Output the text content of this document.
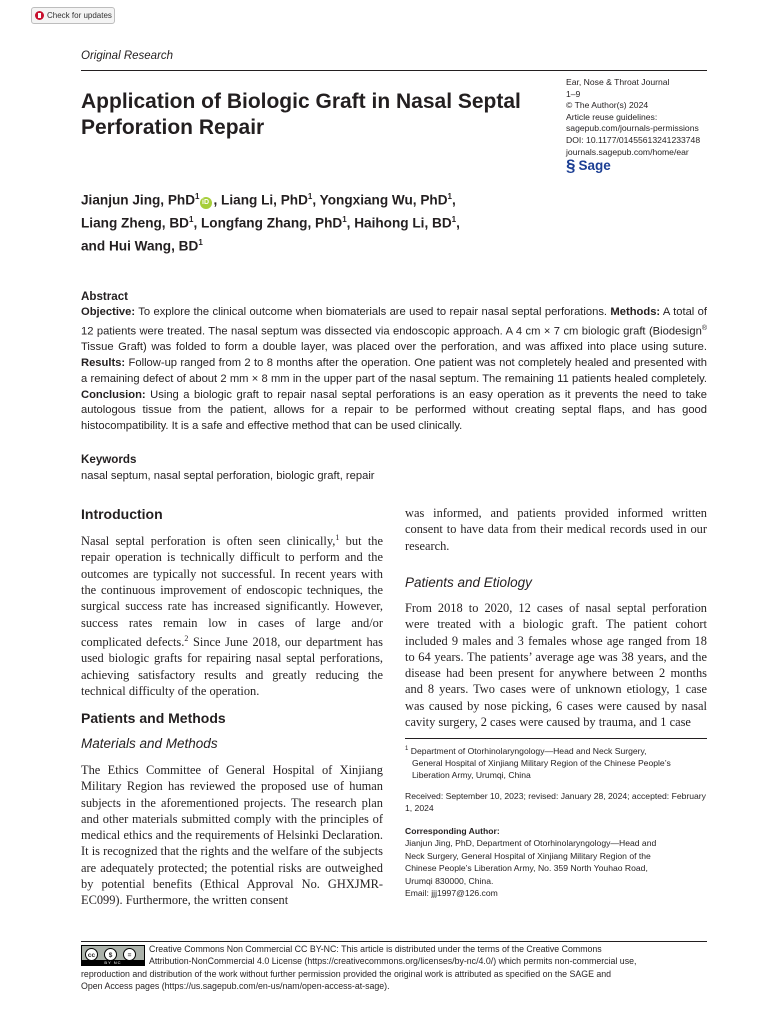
Check for updates
Original Research
Application of Biologic Graft in Nasal Septal Perforation Repair
Ear, Nose & Throat Journal
1–9
© The Author(s) 2024
Article reuse guidelines:
sagepub.com/journals-permissions
DOI: 10.1177/01455613241233748
journals.sagepub.com/home/ear
§ Sage
Jianjun Jing, PhD$^1$iD , Liang Li, PhD$^1$, Yongxiang Wu, PhD$^1$,
Liang Zheng, $BD^1$, Longfang Zhang, PhD$^1$, Haihong Li, $BD^1$,
and Hui Wang, $BD^1$
Abstract
Objective: To explore the clinical outcome when biomaterials are used to repair nasal septal perforations. Methods: A total of 12 patients were treated. The nasal septum was dissected via endoscopic approach. A 4 cm × 7 cm biologic graft (Biodesign® Tissue Graft) was folded to form a double layer, was placed over the perforation, and was affixed into place using suture. Results: Follow-up ranged from 2 to 8 months after the operation. One patient was not completely healed and presented with a remaining defect of about 2 mm × 8 mm in the upper part of the nasal septum. The remaining 11 patients healed completely. Conclusion: Using a biologic graft to repair nasal septal perforations is an easy operation as it prevents the need to take autologous tissue from the patient, allows for a repair to be performed without creating septal flaps, and has good histocompatibility. It is a safe and effective method that can be used clinically.
Keywords
nasal septum, nasal septal perforation, biologic graft, repair
Introduction
Nasal septal perforation is often seen clinically,$^1$ but the repair operation is technically difficult to perform and the outcomes are typically not successful. In recent years with the continuous improvement of endoscopic techniques, the surgical success rate has increased significantly. However, success rates remain low in cases of large and/or complicated defects.$^2$ Since June 2018, our department has used biologic grafts for repairing nasal septal perforations, achieving satisfactory results and greatly reducing the technical difficulty of the operation.
Patients and Methods
Materials and Methods
The Ethics Committee of General Hospital of Xinjiang Military Region has reviewed the proposed use of human subjects in the aforementioned projects. The research plan and other materials submitted comply with the principles of medical ethics and the requirements of Helsinki Declaration. It is recognized that the rights and the welfare of the subjects are adequately protected; the potential risks are outweighed by potential benefits (Ethical Approval No. GHXJMR-EC099). Furthermore, the written consent
was informed, and patients provided informed written consent to have data from their medical records used in our research.
Patients and Etiology
From 2018 to 2020, 12 cases of nasal septal perforation were treated with a biologic graft. The patient cohort included 9 males and 3 females whose age ranged from 18 to 64 years. The patients’ average age was 38 years, and the disease had been present for anywhere between 2 months and 8 years. Two cases were of unknown etiology, 1 case was caused by nose picking, 6 cases were caused by nasal cavity surgery, 2 cases were caused by trauma, and 1 case
$^1$ Department of Otorhinolaryngology—Head and Neck Surgery,
General Hospital of Xinjiang Military Region of the Chinese People’s
Liberation Army, Urumqi, China
Received: September 10, 2023; revised: January 28, 2024; accepted: February 1, 2024
Corresponding Author:
Jianjun Jing, PhD, Department of Otorhinolaryngology—Head and
Neck Surgery, General Hospital of Xinjiang Military Region of the
Chinese People’s Liberation Army, No. 359 North Youhao Road,
Urumqi 830000, China.
Email: jjj1997@126.com
cc	$	=
BY NC
Creative Commons Non Commercial CC BY-NC: This article is distributed under the terms of the Creative Commons
Attribution-NonCommercial 4.0 License (https://creativecommons.org/licenses/by-nc/4.0/) which permits non-commercial use,
reproduction and distribution of the work without further permission provided the original work is attributed as specified on the SAGE and
Open Access pages (https://us.sagepub.com/en-us/nam/open-access-at-sage).
